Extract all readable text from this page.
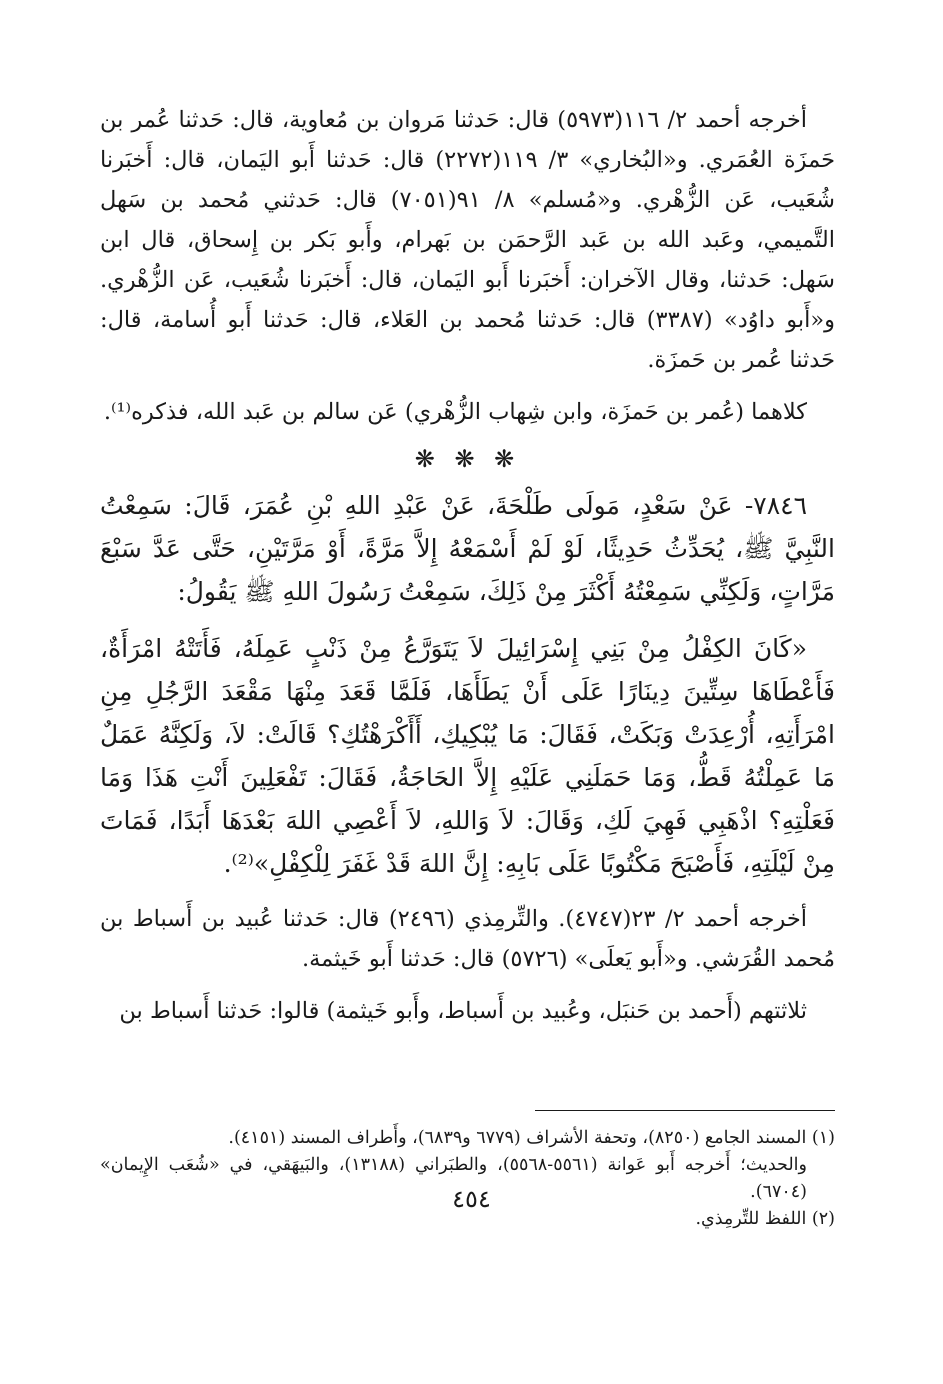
أخرجه أحمد ٢/ ١١٦(٥٩٧٣) قال: حَدثنا مَروان بن مُعاوية، قال: حَدثنا عُمر بن حَمزَة العُمَري. و«البُخاري» ٣/ ١١٩(٢٢٧٢) قال: حَدثنا أَبو اليَمان، قال: أَخبَرنا شُعَيب، عَن الزُّهْري. و«مُسلم» ٨/ ٩١(٧٠٥١) قال: حَدثني مُحمد بن سَهل التَّميمي، وعَبد الله بن عَبد الرَّحمَن بن بَهرام، وأَبو بَكر بن إِسحاق، قال ابن سَهل: حَدثنا، وقال الآخران: أَخبَرنا أَبو اليَمان، قال: أَخبَرنا شُعَيب، عَن الزُّهْري. و«أَبو داوُد» (٣٣٨٧) قال: حَدثنا مُحمد بن العَلاء، قال: حَدثنا أَبو أُسامة، قال: حَدثنا عُمر بن حَمزَة.

كلاهما (عُمر بن حَمزَة، وابن شِهاب الزُّهْري) عَن سالم بن عَبد الله، فذكره⁽¹⁾.

❋ ❋ ❋

٧٨٤٦- عَنْ سَعْدٍ، مَولَى طَلْحَةَ، عَنْ عَبْدِ اللهِ بْنِ عُمَرَ، قَالَ: سَمِعْتُ النَّبِيَّ ﷺ، يُحَدِّثُ حَدِيثًا، لَوْ لَمْ أَسْمَعْهُ إِلاَّ مَرَّةً، أَوْ مَرَّتَيْنِ، حَتَّى عَدَّ سَبْعَ مَرَّاتٍ، وَلَكِنِّي سَمِعْتُهُ أَكْثَرَ مِنْ ذَلِكَ، سَمِعْتُ رَسُولَ اللهِ ﷺ يَقُولُ:

«كَانَ الكِفْلُ مِنْ بَنِي إِسْرَائِيلَ لاَ يَتَوَرَّعُ مِنْ ذَنْبٍ عَمِلَهُ، فَأَتَتْهُ امْرَأَةٌ، فَأَعْطَاهَا سِتِّينَ دِينَارًا عَلَى أَنْ يَطَأَهَا، فَلَمَّا قَعَدَ مِنْهَا مَقْعَدَ الرَّجُلِ مِنِ امْرَأَتِهِ، أُرْعِدَتْ وَبَكَتْ، فَقَالَ: مَا يُبْكِيكِ، أَأَكْرَهْتُكِ؟ قَالَتْ: لاَ، وَلَكِنَّهُ عَمَلٌ مَا عَمِلْتُهُ قَطُّ، وَمَا حَمَلَنِي عَلَيْهِ إِلاَّ الحَاجَةُ، فَقَالَ: تَفْعَلِينَ أَنْتِ هَذَا وَمَا فَعَلْتِهِ؟ اذْهَبِي فَهِيَ لَكِ، وَقَالَ: لاَ وَاللهِ، لاَ أَعْصِي اللهَ بَعْدَهَا أَبَدًا، فَمَاتَ مِنْ لَيْلَتِهِ، فَأَصْبَحَ مَكْتُوبًا عَلَى بَابِهِ: إِنَّ اللهَ قَدْ غَفَرَ لِلْكِفْلِ»⁽²⁾.

أخرجه أحمد ٢/ ٢٣(٤٧٤٧). والتِّرمِذي (٢٤٩٦) قال: حَدثنا عُبيد بن أَسباط بن مُحمد القُرَشي. و«أَبو يَعلَى» (٥٧٢٦) قال: حَدثنا أَبو خَيثمة.

ثلاثتهم (أَحمد بن حَنبَل، وعُبيد بن أَسباط، وأَبو خَيثمة) قالوا: حَدثنا أَسباط بن

(١) المسند الجامع (٨٢٥٠)، وتحفة الأشراف (٦٧٧٩ و٦٨٣٩)، وأَطراف المسند (٤١٥١).

والحديث؛ أَخرجه أَبو عَوانة (٥٥٦١-٥٥٦٨)، والطبَراني (١٣١٨٨)، والبَيهَقي، في «شُعَب الإِيمان» (٦٧٠٤).

(٢) اللفظ للتِّرمِذي.

٤٥٤
